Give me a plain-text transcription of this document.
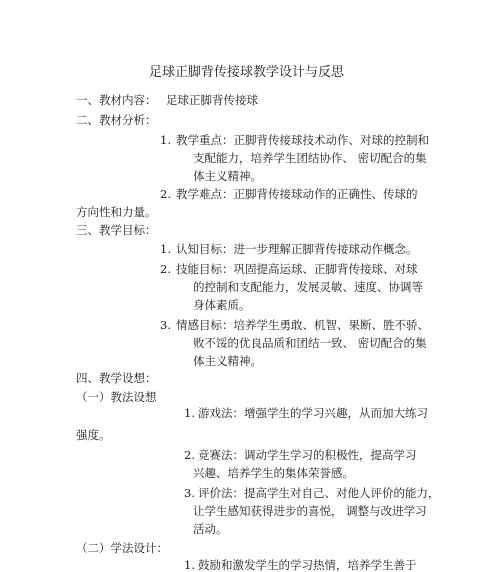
足球正脚背传接球教学设计与反思
一、教材内容： 足球正脚背传接球
二、教材分析：
1. 教学重点：正脚背传接球技术动作、对球的控制和
支配能力，培养学生团结协作、 密切配合的集
体主义精神。
2. 教学难点：正脚背传接球动作的正确性、传球的
方向性和力量。
三、教学目标：
1. 认知目标：进一步理解正脚背传接球动作概念。
2. 技能目标：巩固提高运球、正脚背传接球、对球
的控制和支配能力，发展灵敏、速度、协调等
身体素质。
3. 情感目标：培养学生勇敢、机智、果断、胜不骄、
败不馁的优良品质和团结一致、 密切配合的集
体主义精神。
四、教学设想：
（一）教法设想
1. 游戏法：增强学生的学习兴趣，从而加大练习
强度。
2. 竞赛法：调动学生学习的积极性，提高学习
兴趣、培养学生的集体荣誉感。
3. 评价法：提高学生对自己、对他人评价的能力，
让学生感知获得进步的喜悦， 调整与改进学习
活动。
（二）学法设计：
1. 鼓励和激发学生的学习热情，培养学生善于
